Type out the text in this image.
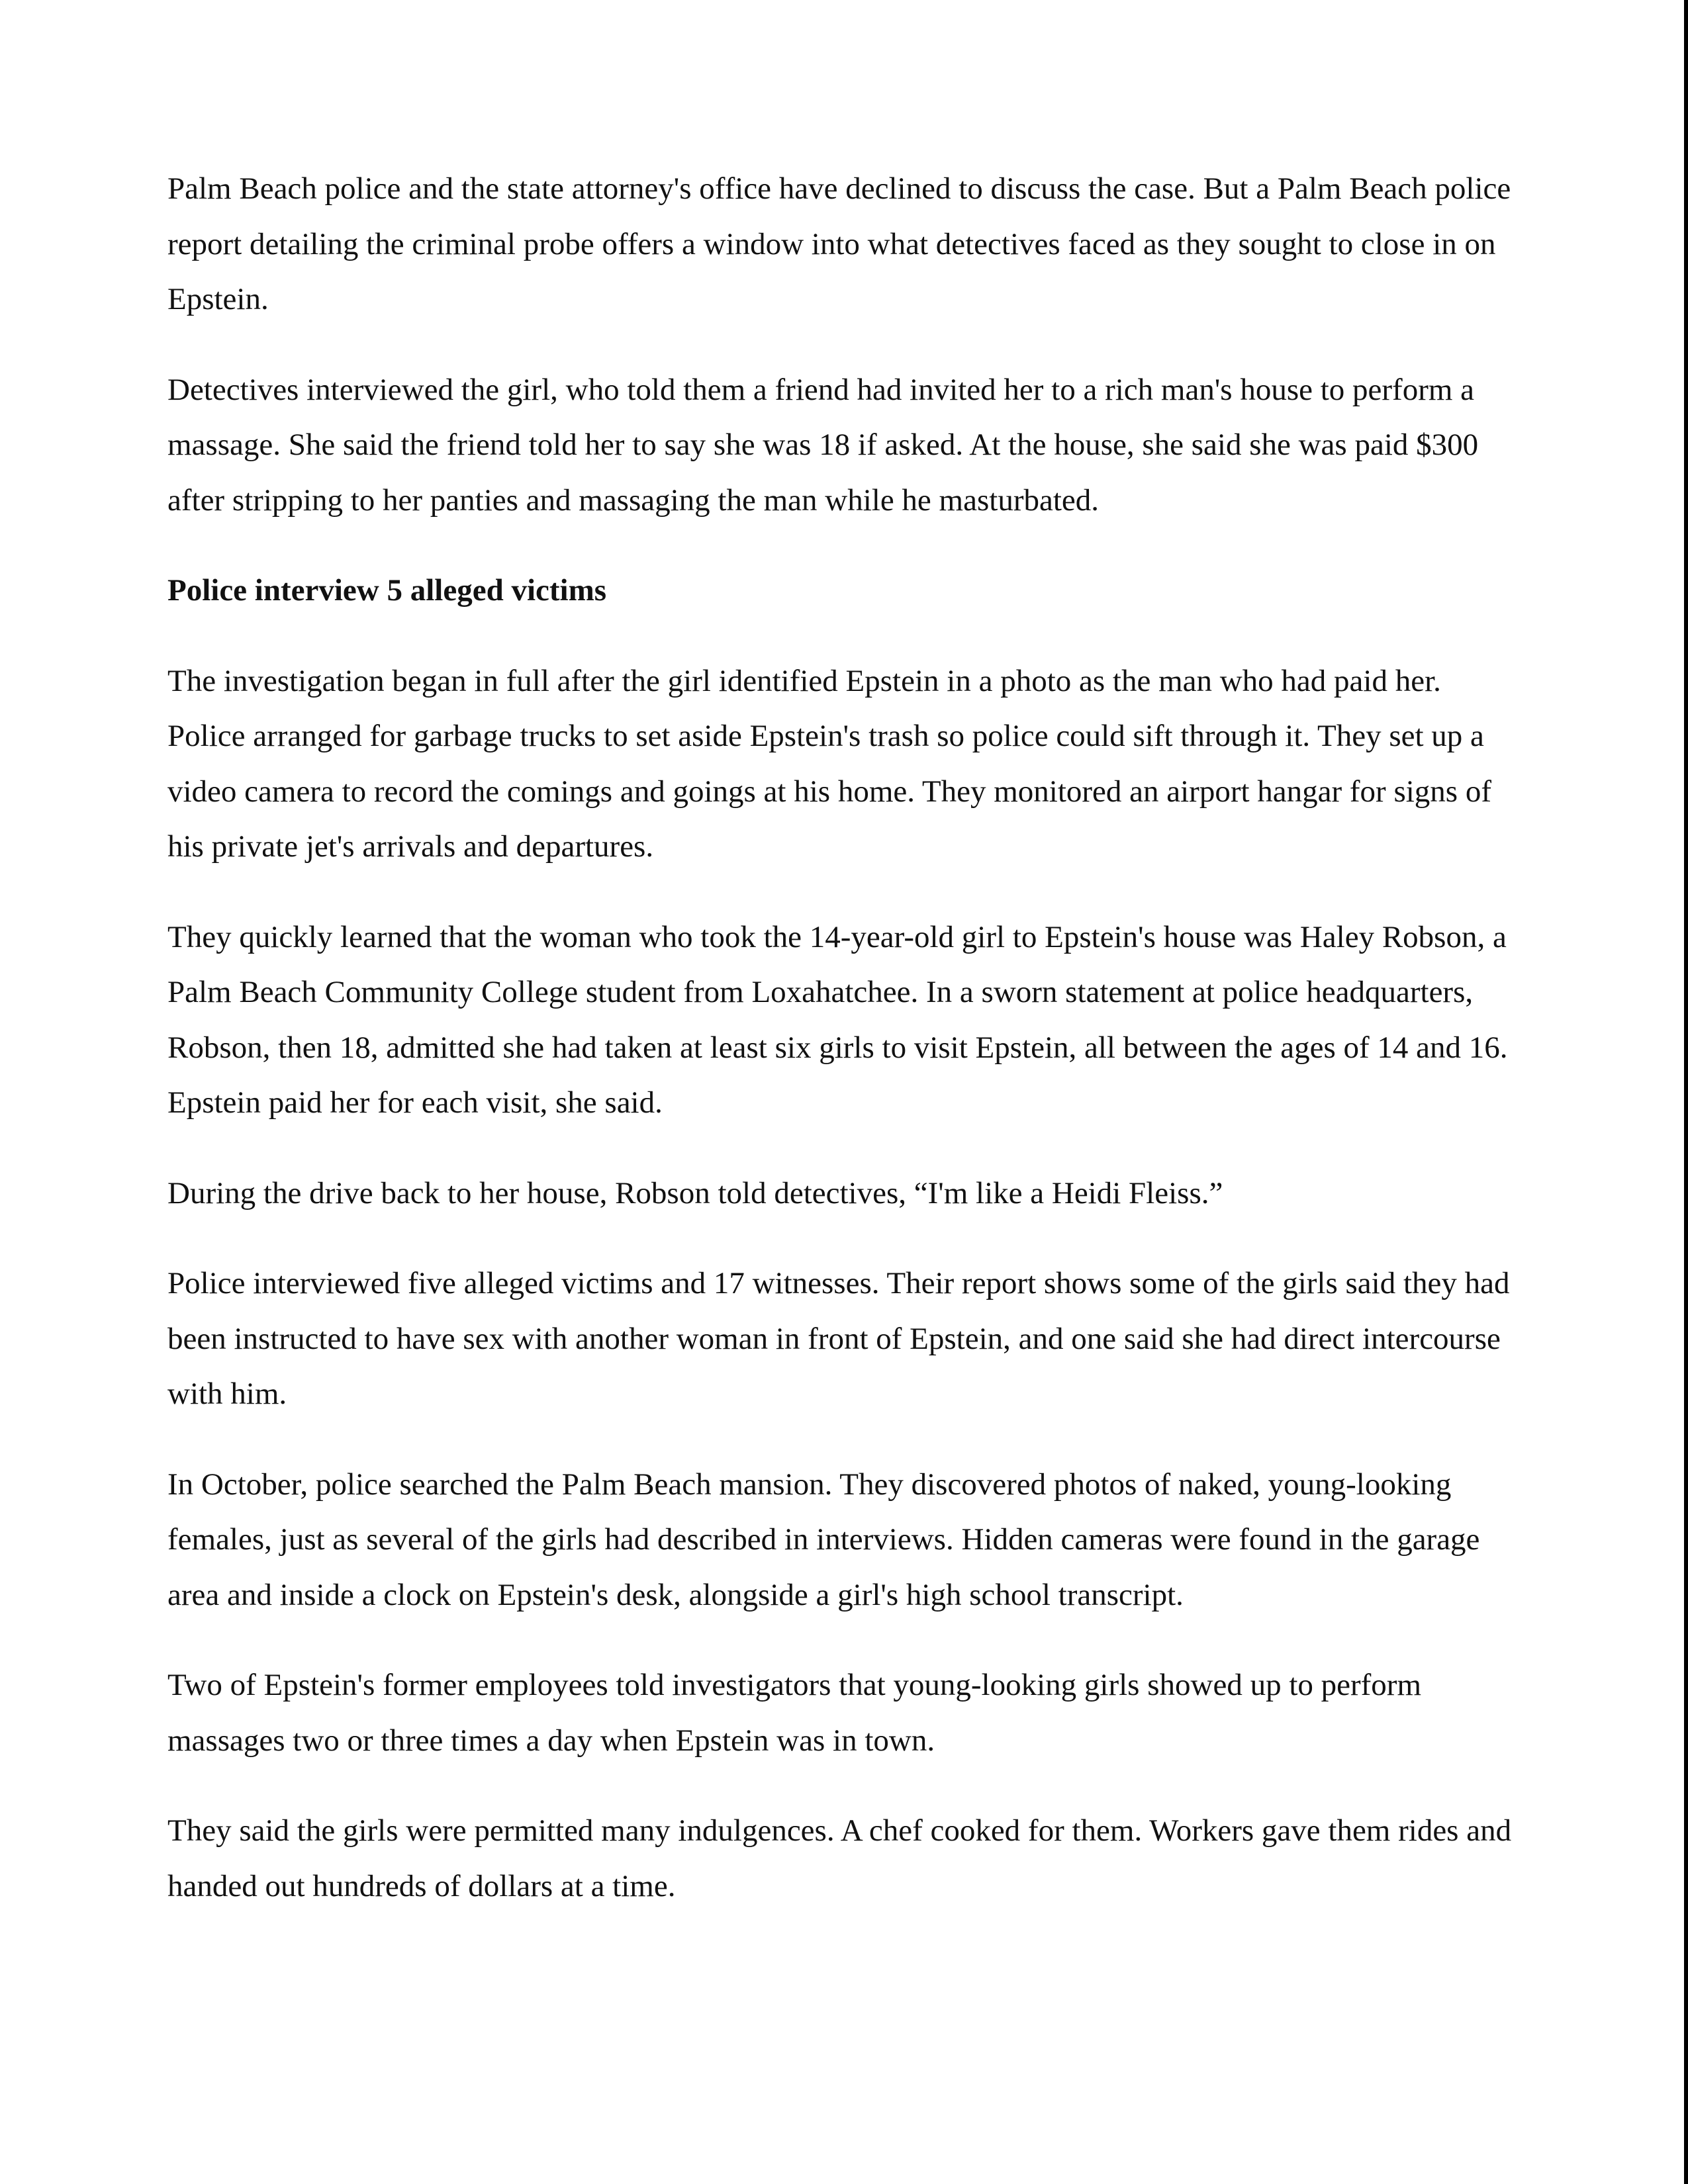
Palm Beach police and the state attorney's office have declined to discuss the case. But a Palm Beach police report detailing the criminal probe offers a window into what detectives faced as they sought to close in on Epstein.

Detectives interviewed the girl, who told them a friend had invited her to a rich man's house to perform a massage. She said the friend told her to say she was 18 if asked. At the house, she said she was paid $300 after stripping to her panties and massaging the man while he masturbated.

Police interview 5 alleged victims

The investigation began in full after the girl identified Epstein in a photo as the man who had paid her. Police arranged for garbage trucks to set aside Epstein's trash so police could sift through it. They set up a video camera to record the comings and goings at his home. They monitored an airport hangar for signs of his private jet's arrivals and departures.

They quickly learned that the woman who took the 14-year-old girl to Epstein's house was Haley Robson, a Palm Beach Community College student from Loxahatchee. In a sworn statement at police headquarters, Robson, then 18, admitted she had taken at least six girls to visit Epstein, all between the ages of 14 and 16. Epstein paid her for each visit, she said.

During the drive back to her house, Robson told detectives, “I'm like a Heidi Fleiss.”

Police interviewed five alleged victims and 17 witnesses. Their report shows some of the girls said they had been instructed to have sex with another woman in front of Epstein, and one said she had direct intercourse with him.

In October, police searched the Palm Beach mansion. They discovered photos of naked, young-looking females, just as several of the girls had described in interviews. Hidden cameras were found in the garage area and inside a clock on Epstein's desk, alongside a girl's high school transcript.

Two of Epstein's former employees told investigators that young-looking girls showed up to perform massages two or three times a day when Epstein was in town.

They said the girls were permitted many indulgences. A chef cooked for them. Workers gave them rides and handed out hundreds of dollars at a time.
